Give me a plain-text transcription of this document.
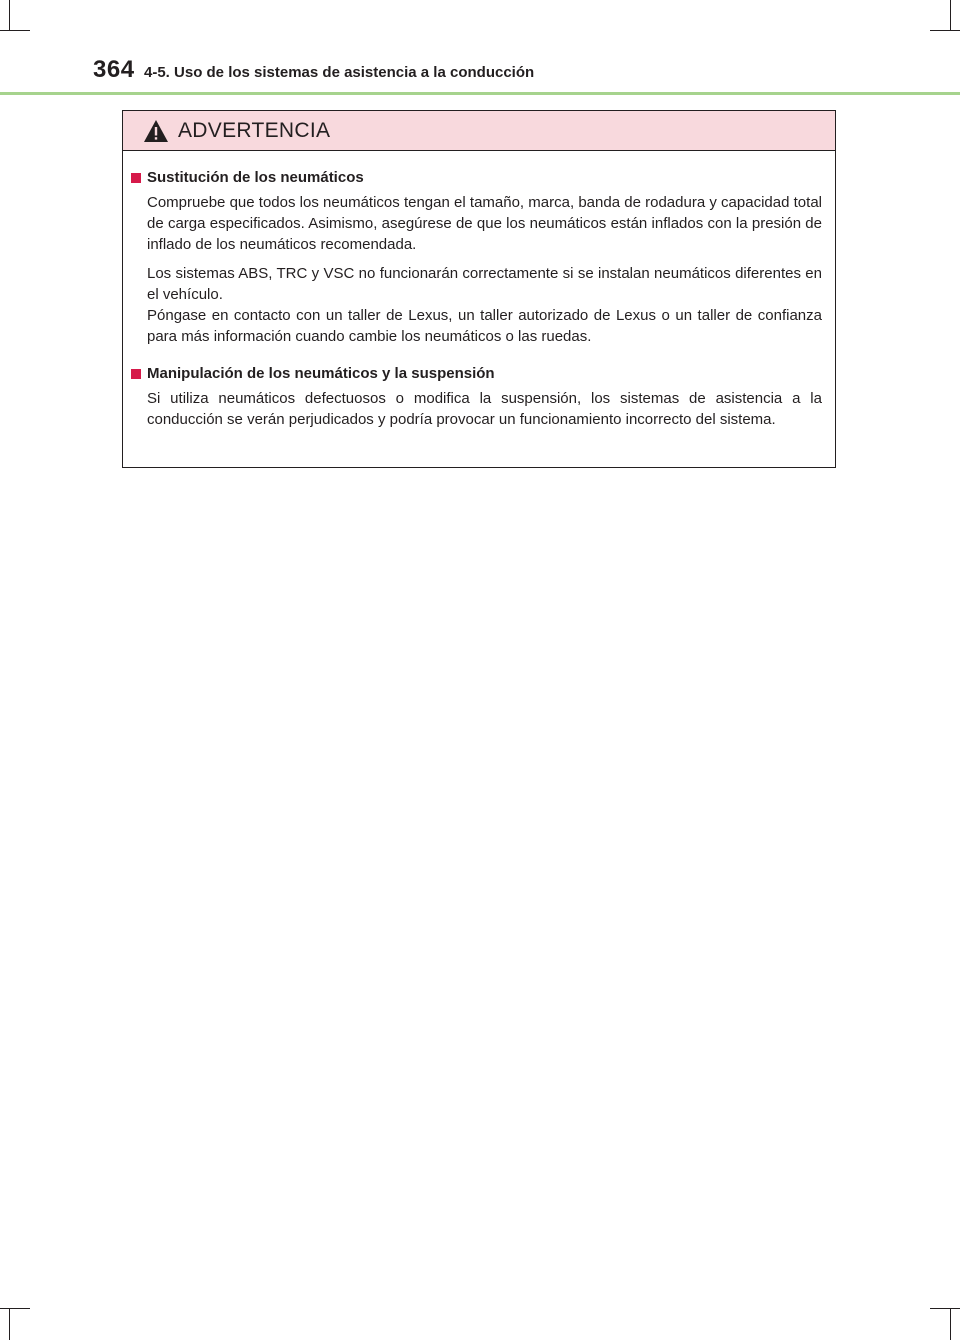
364 4-5. Uso de los sistemas de asistencia a la conducción
ADVERTENCIA
Sustitución de los neumáticos

Compruebe que todos los neumáticos tengan el tamaño, marca, banda de rodadura y capacidad total de carga especificados. Asimismo, asegúrese de que los neumáticos están inflados con la presión de inflado de los neumáticos recomendada.

Los sistemas ABS, TRC y VSC no funcionarán correctamente si se instalan neumáticos diferentes en el vehículo.

Póngase en contacto con un taller de Lexus, un taller autorizado de Lexus o un taller de confianza para más información cuando cambie los neumáticos o las ruedas.

Manipulación de los neumáticos y la suspensión

Si utiliza neumáticos defectuosos o modifica la suspensión, los sistemas de asistencia a la conducción se verán perjudicados y podría provocar un funcionamiento incorrecto del sistema.
